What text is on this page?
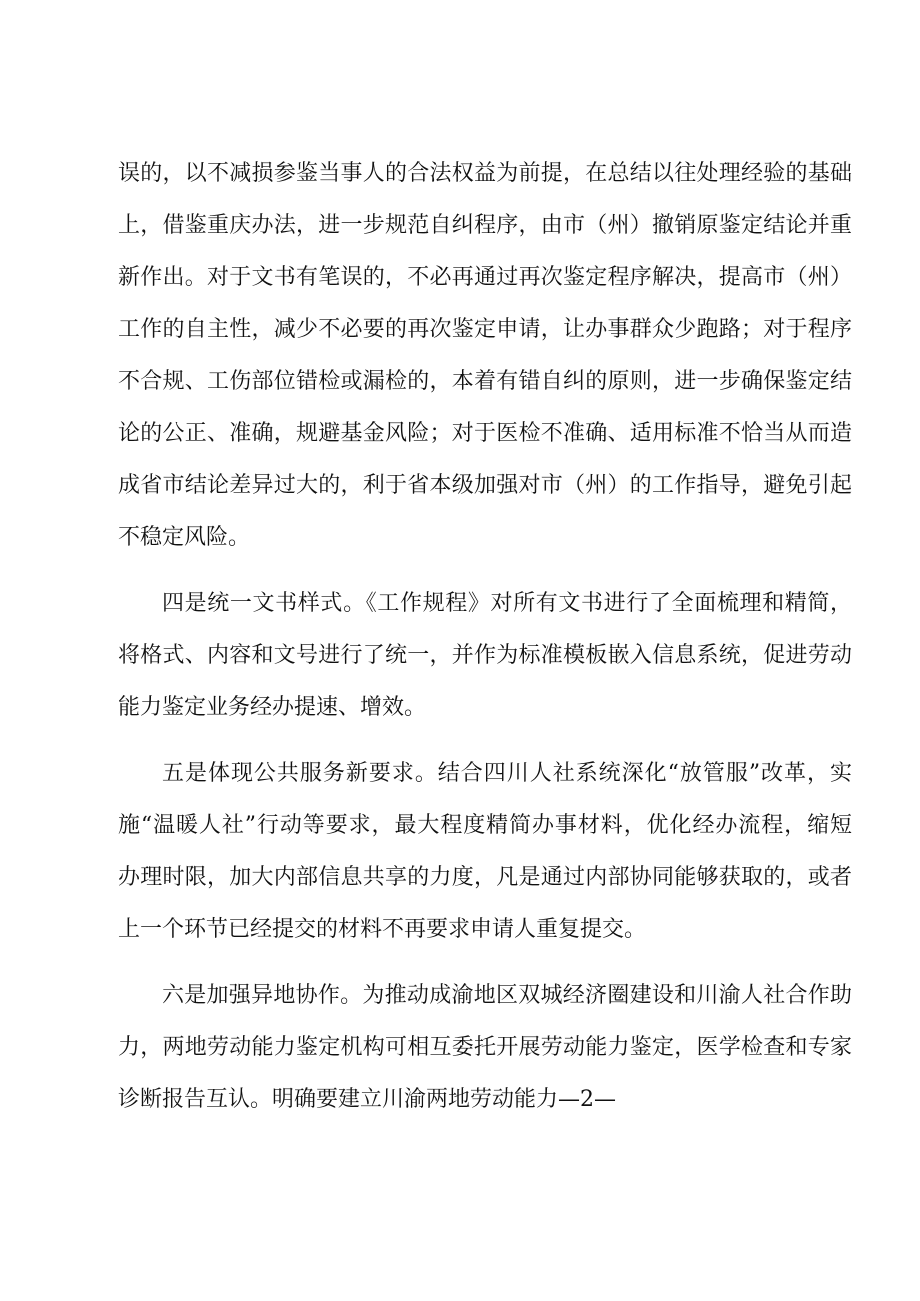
误的，以不减损参鉴当事人的合法权益为前提，在总结以往处理经验的基础
上，借鉴重庆办法，进一步规范自纠程序，由市（州）撤销原鉴定结论并重
新作出。对于文书有笔误的，不必再通过再次鉴定程序解决，提高市（州）
工作的自主性，减少不必要的再次鉴定申请，让办事群众少跑路；对于程序
不合规、工伤部位错检或漏检的，本着有错自纠的原则，进一步确保鉴定结
论的公正、准确，规避基金风险；对于医检不准确、适用标准不恰当从而造
成省市结论差异过大的，利于省本级加强对市（州）的工作指导，避免引起
不稳定风险。
四是统一文书样式。《工作规程》对所有文书进行了全面梳理和精简，
将格式、内容和文号进行了统一，并作为标准模板嵌入信息系统，促进劳动
能力鉴定业务经办提速、增效。
五是体现公共服务新要求。结合四川人社系统深化“放管服”改革，实
施“温暖人社”行动等要求，最大程度精简办事材料，优化经办流程，缩短
办理时限，加大内部信息共享的力度，凡是通过内部协同能够获取的，或者
上一个环节已经提交的材料不再要求申请人重复提交。
六是加强异地协作。为推动成渝地区双城经济圈建设和川渝人社合作助
力，两地劳动能力鉴定机构可相互委托开展劳动能力鉴定，医学检查和专家
诊断报告互认。明确要建立川渝两地劳动能力—2—
